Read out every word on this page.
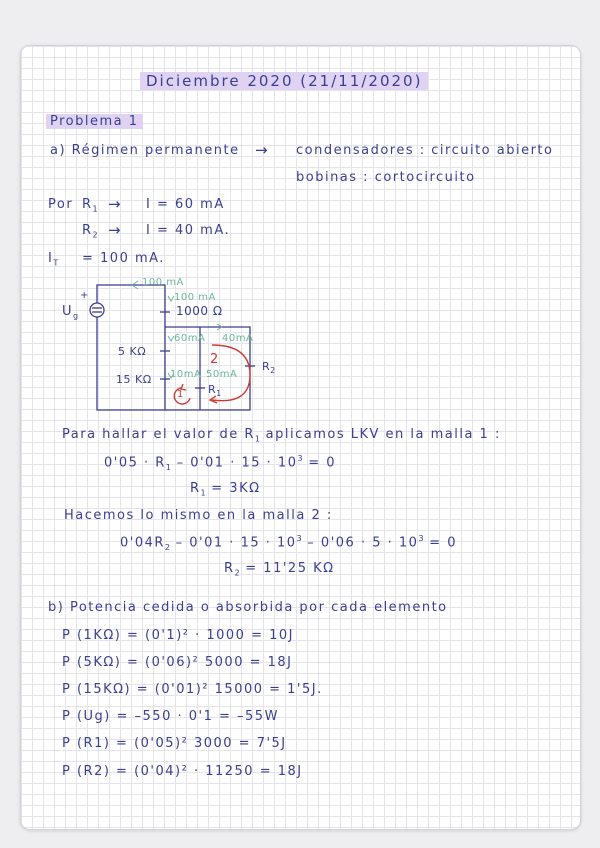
Diciembre 2020 (21/11/2020)
Problema 1
a) Régimen permanente → condensadores : circuito abierto
bobinas : cortocircuito
Por $R_1 \to I = 60$ mA
$R_2 \to I = 40$ mA.
$I_T = 100$ mA.
$U_g$
+
100 mA
100 mA
1000 Ω
60mA 40mA
5 KΩ
15 KΩ 10mA 50mA
$R_1$
$R_2$
1
2
Para hallar el valor de $R_1$ aplicamos LKV en la malla 1 :
$0'05 \cdot R_1 - 0'01 \cdot 15 \cdot 10^3 = 0$
$R_1 = 3K\Omega$
Hacemos lo mismo en la malla 2 :
$0'04R_2 - 0'01 \cdot 15 \cdot 10^3 - 0'06 \cdot 5 \cdot 10^3 = 0$
$R_2 = 11'25$ KΩ
b) Potencia cedida o absorbida por cada elemento
P (1KΩ) = (0'1)² · 1000 = 10J
P (5KΩ) = (0'06)² 5000 = 18J
P (15KΩ) = (0'01)² 15000 = 1'5J.
P (Ug) = –550 · 0'1 = –55W
P (R1) = (0'05)² 3000 = 7'5J
P (R2) = (0'04)² · 11250 = 18J
